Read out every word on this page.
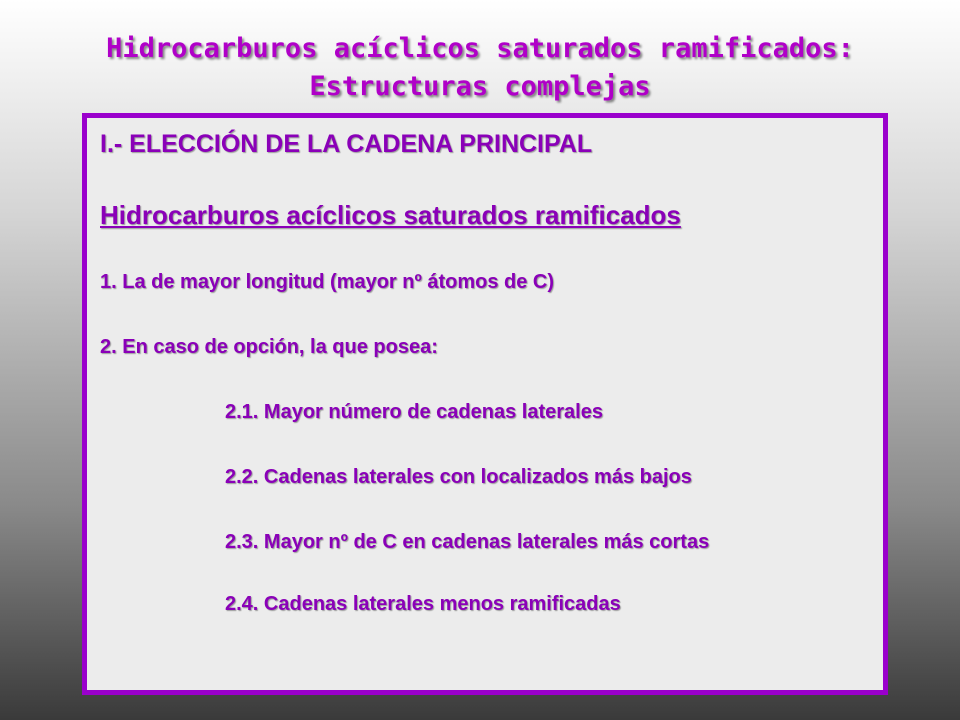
Hidrocarburos acíclicos saturados ramificados:
Estructuras complejas
I.- ELECCIÓN DE LA CADENA PRINCIPAL
Hidrocarburos acíclicos saturados ramificados
1. La de mayor longitud (mayor nº átomos de C)
2. En caso de opción, la que posea:
2.1. Mayor número de cadenas laterales
2.2. Cadenas laterales con localizados más bajos
2.3. Mayor nº de C en cadenas laterales más cortas
2.4. Cadenas laterales menos ramificadas
